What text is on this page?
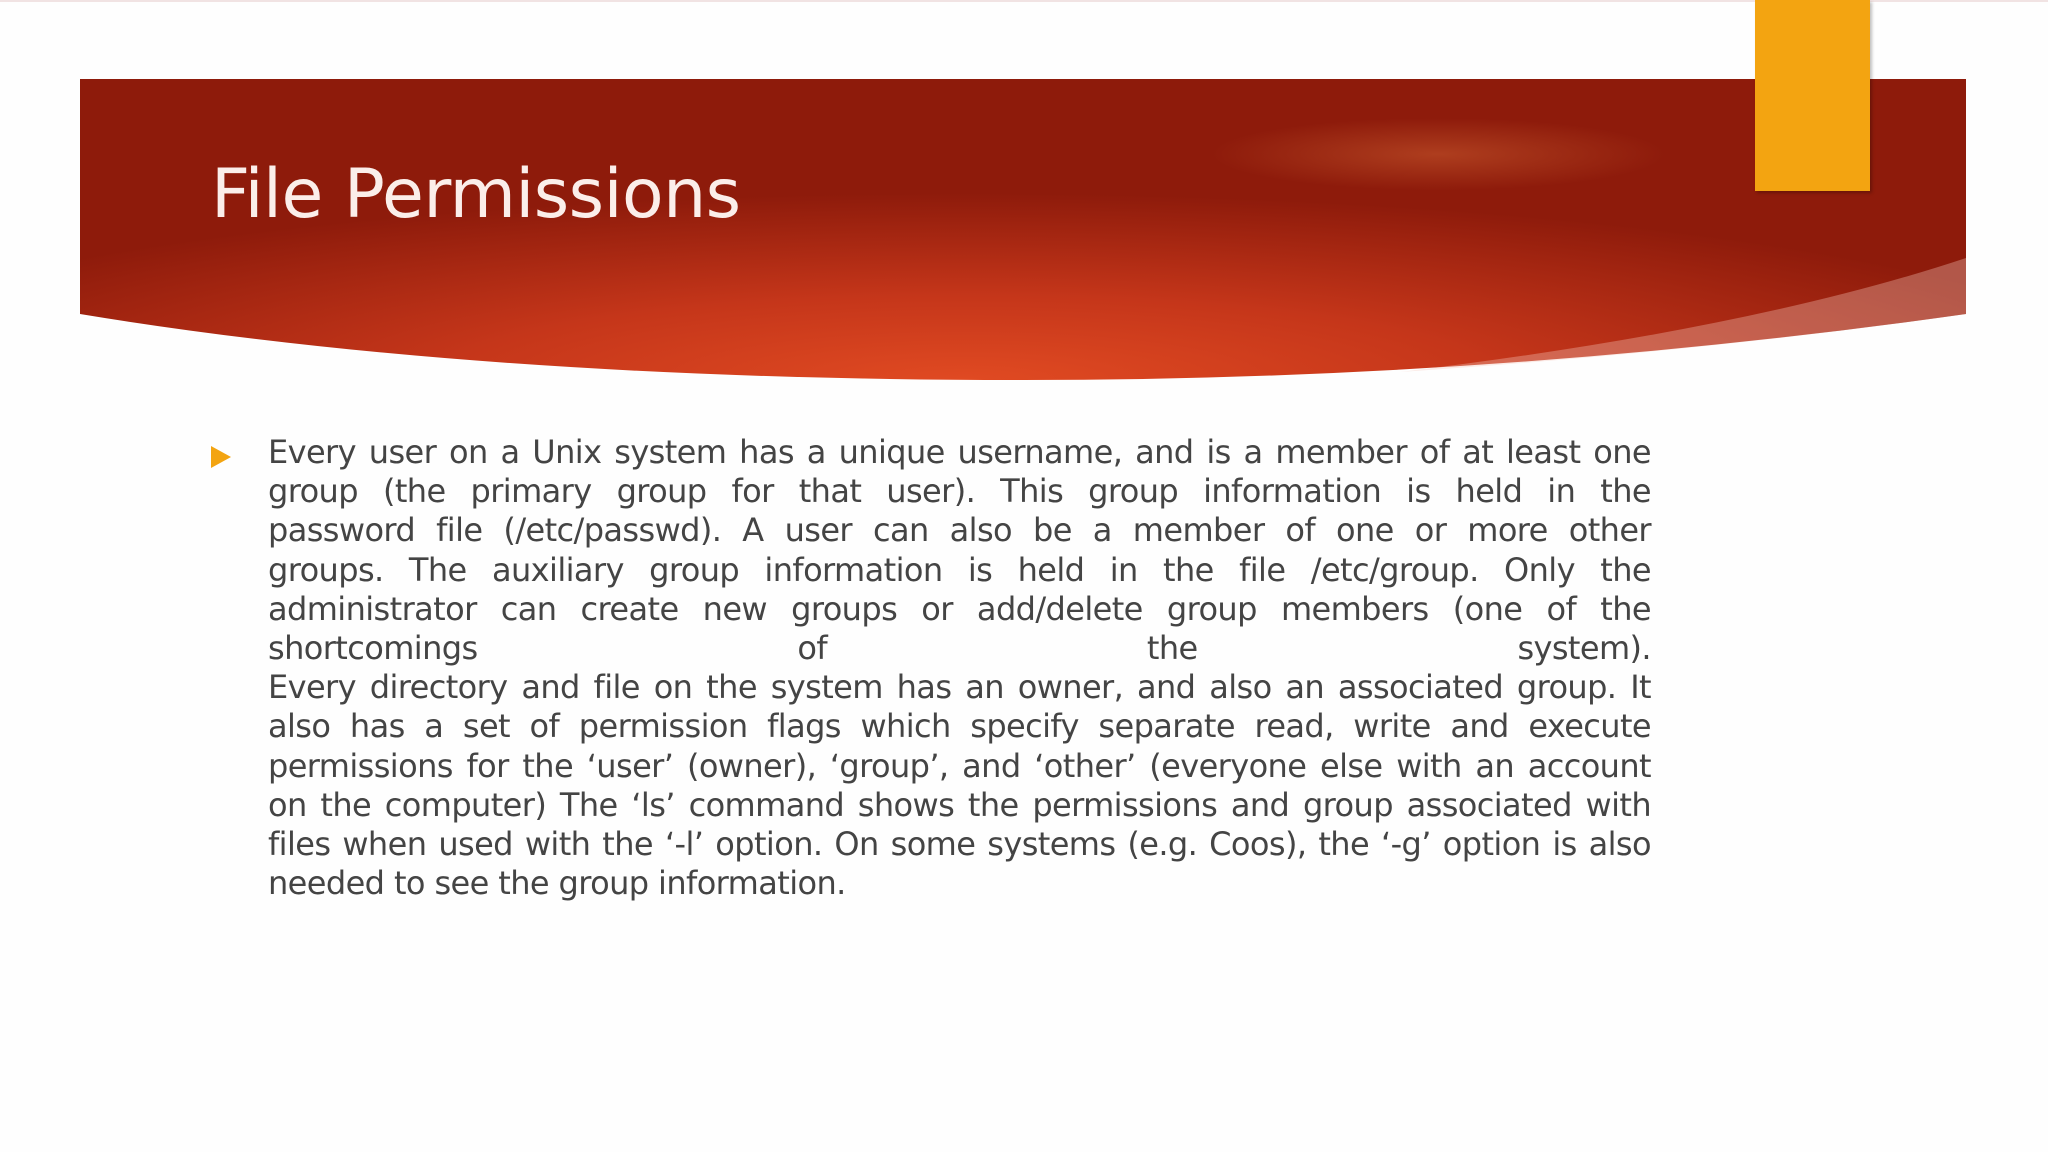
File Permissions

Every user on a Unix system has a unique username, and is a member of at least one
group (the primary group for that user). This group information is held in the
password file (/etc/passwd). A user can also be a member of one or more other
groups. The auxiliary group information is held in the file /etc/group. Only the
administrator can create new groups or add/delete group members (one of the
shortcomings of the system).
Every directory and file on the system has an owner, and also an associated group. It
also has a set of permission flags which specify separate read, write and execute
permissions for the ‘user’ (owner), ‘group’, and ‘other’ (everyone else with an account
on the computer) The ‘ls’ command shows the permissions and group associated with
files when used with the ‘-l’ option. On some systems (e.g. Coos), the ‘-g’ option is also
needed to see the group information.
